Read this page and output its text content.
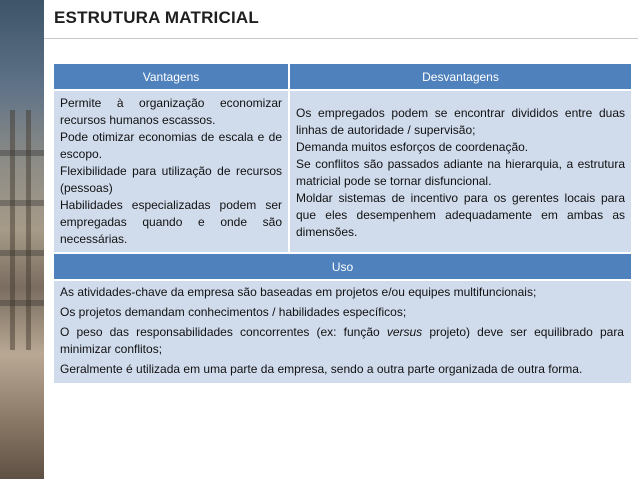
ESTRUTURA MATRICIAL
Vantagens	Desvantagens

Permite à organização economizar recursos humanos escassos.

Pode otimizar economias de escala e de escopo.

Flexibilidade para utilização de recursos (pessoas)

Habilidades especializadas podem ser empregadas quando e onde são necessárias.

Os empregados podem se encontrar divididos entre duas linhas de autoridade / supervisão;

Demanda muitos esforços de coordenação.

Se conflitos são passados adiante na hierarquia, a estrutura matricial pode se tornar disfuncional.

Moldar sistemas de incentivo para os gerentes locais para que eles desempenhem adequadamente em ambas as dimensões.

Uso

As atividades-chave da empresa são baseadas em projetos e/ou equipes multifuncionais;

Os projetos demandam conhecimentos / habilidades específicos;

O peso das responsabilidades concorrentes (ex: função versus projeto) deve ser equilibrado para minimizar conflitos;

Geralmente é utilizada em uma parte da empresa, sendo a outra parte organizada de outra forma.
